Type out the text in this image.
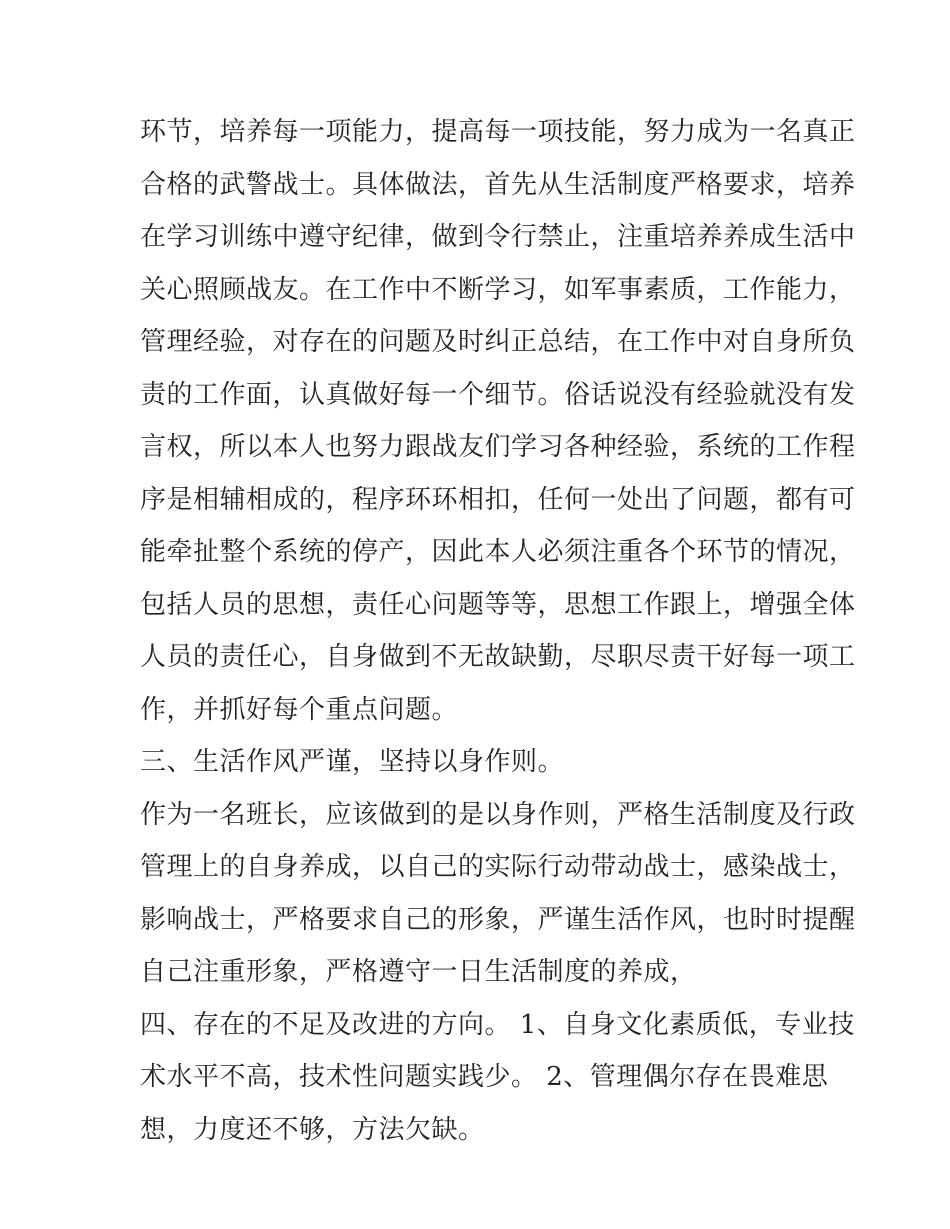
环节，培养每一项能力，提高每一项技能，努力成为一名真正
合格的武警战士。具体做法，首先从生活制度严格要求，培养
在学习训练中遵守纪律，做到令行禁止，注重培养养成生活中
关心照顾战友。在工作中不断学习，如军事素质，工作能力，
管理经验，对存在的问题及时纠正总结，在工作中对自身所负
责的工作面，认真做好每一个细节。俗话说没有经验就没有发
言权，所以本人也努力跟战友们学习各种经验，系统的工作程
序是相辅相成的，程序环环相扣，任何一处出了问题，都有可
能牵扯整个系统的停产，因此本人必须注重各个环节的情况，
包括人员的思想，责任心问题等等，思想工作跟上，增强全体
人员的责任心，自身做到不无故缺勤，尽职尽责干好每一项工
作，并抓好每个重点问题。
三、生活作风严谨，坚持以身作则。
作为一名班长，应该做到的是以身作则，严格生活制度及行政
管理上的自身养成，以自己的实际行动带动战士，感染战士，
影响战士，严格要求自己的形象，严谨生活作风，也时时提醒
自己注重形象，严格遵守一日生活制度的养成，
四、存在的不足及改进的方向。 1、自身文化素质低，专业技
术水平不高，技术性问题实践少。 2、管理偶尔存在畏难思
想，力度还不够，方法欠缺。
